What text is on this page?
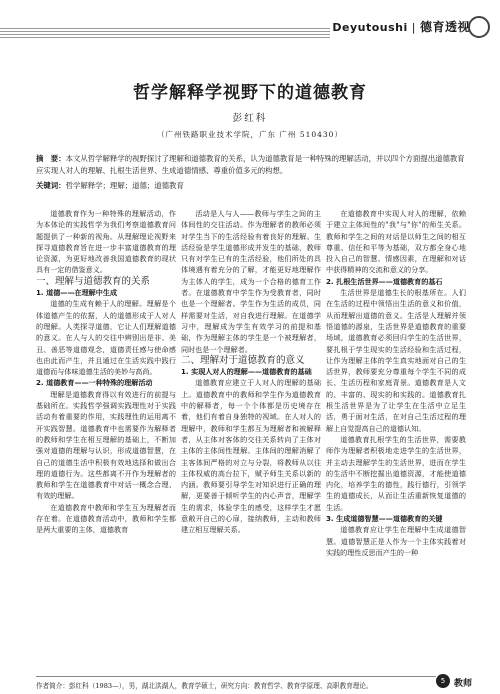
Deyutoushi | 德育透视
哲学解释学视野下的道德教育
彭红科
（广州铁路职业技术学院，广东 广州 510430）
摘　要：本文从哲学解释学的视野探讨了理解和道德教育的关系，认为道德教育是一种特殊的理解活动，并以四个方面提出道德教育应实现人对人的理解、扎根生活世界、生成道德情感、尊重价值多元的构想。
关键词：哲学解释学；理解；道德；道德教育

道德教育作为一种特殊的理解活动，作为本体论的实践哲学为我们考察道德教育问题提供了一种新的视角。从理解理论视野来探寻道德教育旨在进一步丰富道德教育的理论资源，为更好地改善我国道德教育的现状具有一定的借鉴意义。

一、理解与道德教育的关系

1. 道德——在理解中生成

道德的生成有赖于人的理解。理解是个体道德产生的依据，人的道德形成于人对人的理解。人类探寻道德，它让人们理解道德的意义。在人与人的交往中辨别出是非、美丑、善恶等道德观念，道德责任感与使命感也由此而产生，并且通过在生活实践中践行道德而与体味道德生活的美妙与高尚。

2. 道德教育——一种特殊的理解活动

理解是道德教育得以有效进行的前提与基础所在。实践哲学强调实践理性对于实践活动有着重要的作用，实践理性的运用离不开实践智慧。道德教育中也需要作为解释者的教师和学生在相互理解的基础上，不断加强对道德的理解与认识，形成道德智慧，在自己的道德生活中积极有效地选择和做出合理的道德行为。这些都离不开作为理解者的教师和学生在道德教育中对话一概念合理、有效的理解。

在道德教育中教师和学生互为理解者而存在着。在道德教育活动中，教师和学生都是两大重要的主体，道德教育

活动是人与人——教师与学生之间的主体间性的交往活动。作为理解者的教师必须对学生当下的生活经验有着良好的理解。生活经验是学生道德形成并发生的基础，教师只有对学生已有的生活经验，他们所处的具体境遇有着充分的了解，才能更好地理解作为主体人的学生，成为一个合格的德育工作者。在道德教育中学生作为受教育者，同时也是一个理解者。学生作为生活的成员，同样需要对生活，对自我进行理解。在道德学习中，理解成为学生有效学习的前提和基础，作为理解主体的学生是一个被理解者，同时也是一个理解者。

二、理解对于道德教育的意义

1. 实现人对人的理解——道德教育的基础

道德教育应建立于人对人的理解的基础上。道德教育中的教师和学生作为道德教育中的解释者，每一个个体都是历史境存在着，他们有着自身独特的视域。在人对人的理解中，教师和学生都互为理解者和被解释者，从主体对客体的交往关系转向了主体对主体的主体间性理解。主体间的理解消解了主客体间严格的对立与分裂，将教师从以往主体权威的高台拉下，赋予师生关系以新的内涵。教师要引导学生对知识进行正确的理解，更要善于倾听学生的内心声音，理解学生的需求，体验学生的感受，这样学生才愿意敞开自己的心扉，接纳教师，主动和教师建立相互理解关系。

在道德教育中实现人对人的理解，依赖于建立主体间性的"我"与"你"的师生关系。教师和学生之间的对话是以师生之间的相互尊重、信任和平等为基础，双方都全身心地投入自己的智慧、情感因素，在理解和对话中获得精神的交流和意义的分享。

2. 扎根生活世界——道德教育的基石

生活世界是道德生长的根基所在。人们在生活的过程中领悟出生活的意义和价值，从而理解出道德的意义。生活是人理解并领悟道德的源泉，生活世界是道德教育的重要场域，道德教育必须回归学生的生活世界，要扎根于学生现实的生活经验和生活过程，让作为理解主体的学生真实地面对自己的生活世界，教师要充分尊重每个学生不同的成长、生活历程和家庭背景。道德教育是人文的、丰富的、现实的和实践的。道德教育扎根生活世界是为了让学生在生活中立足生活，勇于面对生活，在对自己生活过程的理解上自觉提高自己的道德认知。

道德教育扎根学生的生活世界，需要教师作为理解者积极地走进学生的生活世界，并主动去理解学生的生活世界，进而在学生的生活中不断挖掘出道德资源，才能使道德内化，培养学生的德性，践行德行，引领学生的道德成长，从而让生活重新恢复道德的生活。

3. 生成道德智慧——道德教育的关键

道德教育应让学生在理解中生成道德智慧。道德智慧正是人作为一个主体实践着对实践的理性反思而产生的一种

作者简介：彭红科（1983—），男，湖北洪湖人，教育学硕士，研究方向：教育哲学、教育学原理、高职教育理论。
5 教师
